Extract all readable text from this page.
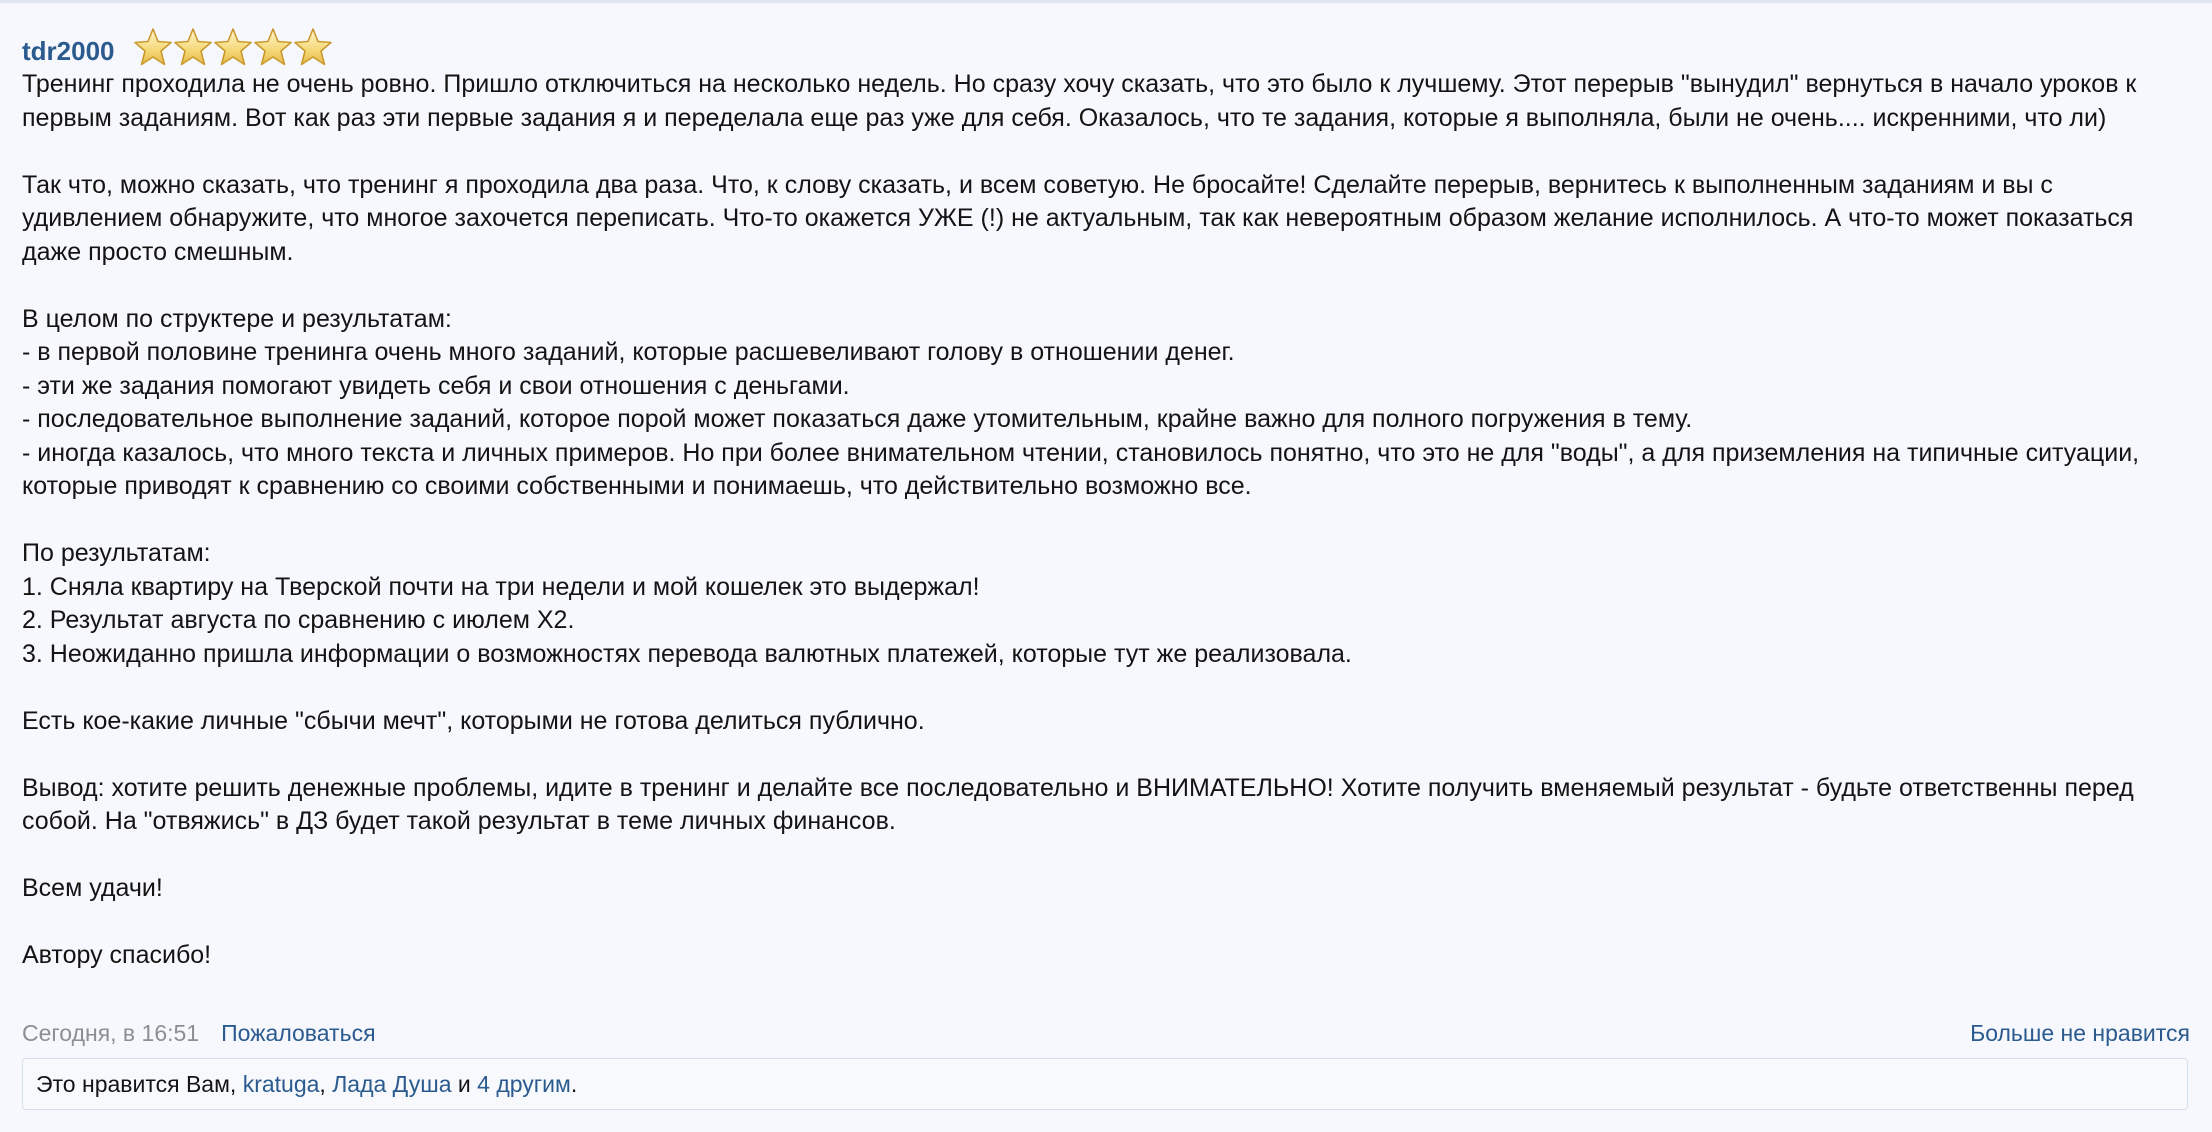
tdr2000
Тренинг проходила не очень ровно. Пришло отключиться на несколько недель. Но сразу хочу сказать, что это было к лучшему. Этот перерыв "вынудил" вернуться в начало уроков к первым заданиям. Вот как раз эти первые задания я и переделала еще раз уже для себя. Оказалось, что те задания, которые я выполняла, были не очень.... искренними, что ли)

Так что, можно сказать, что тренинг я проходила два раза. Что, к слову сказать, и всем советую. Не бросайте! Сделайте перерыв, вернитесь к выполненным заданиям и вы с удивлением обнаружите, что многое захочется переписать. Что-то окажется УЖЕ (!) не актуальным, так как невероятным образом желание исполнилось. А что-то может показаться даже просто смешным.

В целом по структере и результатам:
- в первой половине тренинга очень много заданий, которые расшевеливают голову в отношении денег.
- эти же задания помогают увидеть себя и свои отношения с деньгами.
- последовательное выполнение заданий, которое порой может показаться даже утомительным, крайне важно для полного погружения в тему.
- иногда казалось, что много текста и личных примеров. Но при более внимательном чтении, становилось понятно, что это не для "воды", а для приземления на типичные ситуации, которые приводят к сравнению со своими собственными и понимаешь, что действительно возможно все.

По результатам:
1. Сняла квартиру на Тверской почти на три недели и мой кошелек это выдержал!
2. Результат августа по сравнению с июлем Х2.
3. Неожиданно пришла информации о возможностях перевода валютных платежей, которые тут же реализовала.

Есть кое-какие личные "сбычи мечт", которыми не готова делиться публично.

Вывод: хотите решить денежные проблемы, идите в тренинг и делайте все последовательно и ВНИМАТЕЛЬНО! Хотите получить вменяемый результат - будьте ответственны перед собой. На "отвяжись" в ДЗ будет такой результат в теме личных финансов.

Всем удачи!

Автору спасибо!
Сегодня, в 16:51 Пожаловаться	Больше не нравится
Это нравится Вам, kratuga, Лада Душа и 4 другим.
